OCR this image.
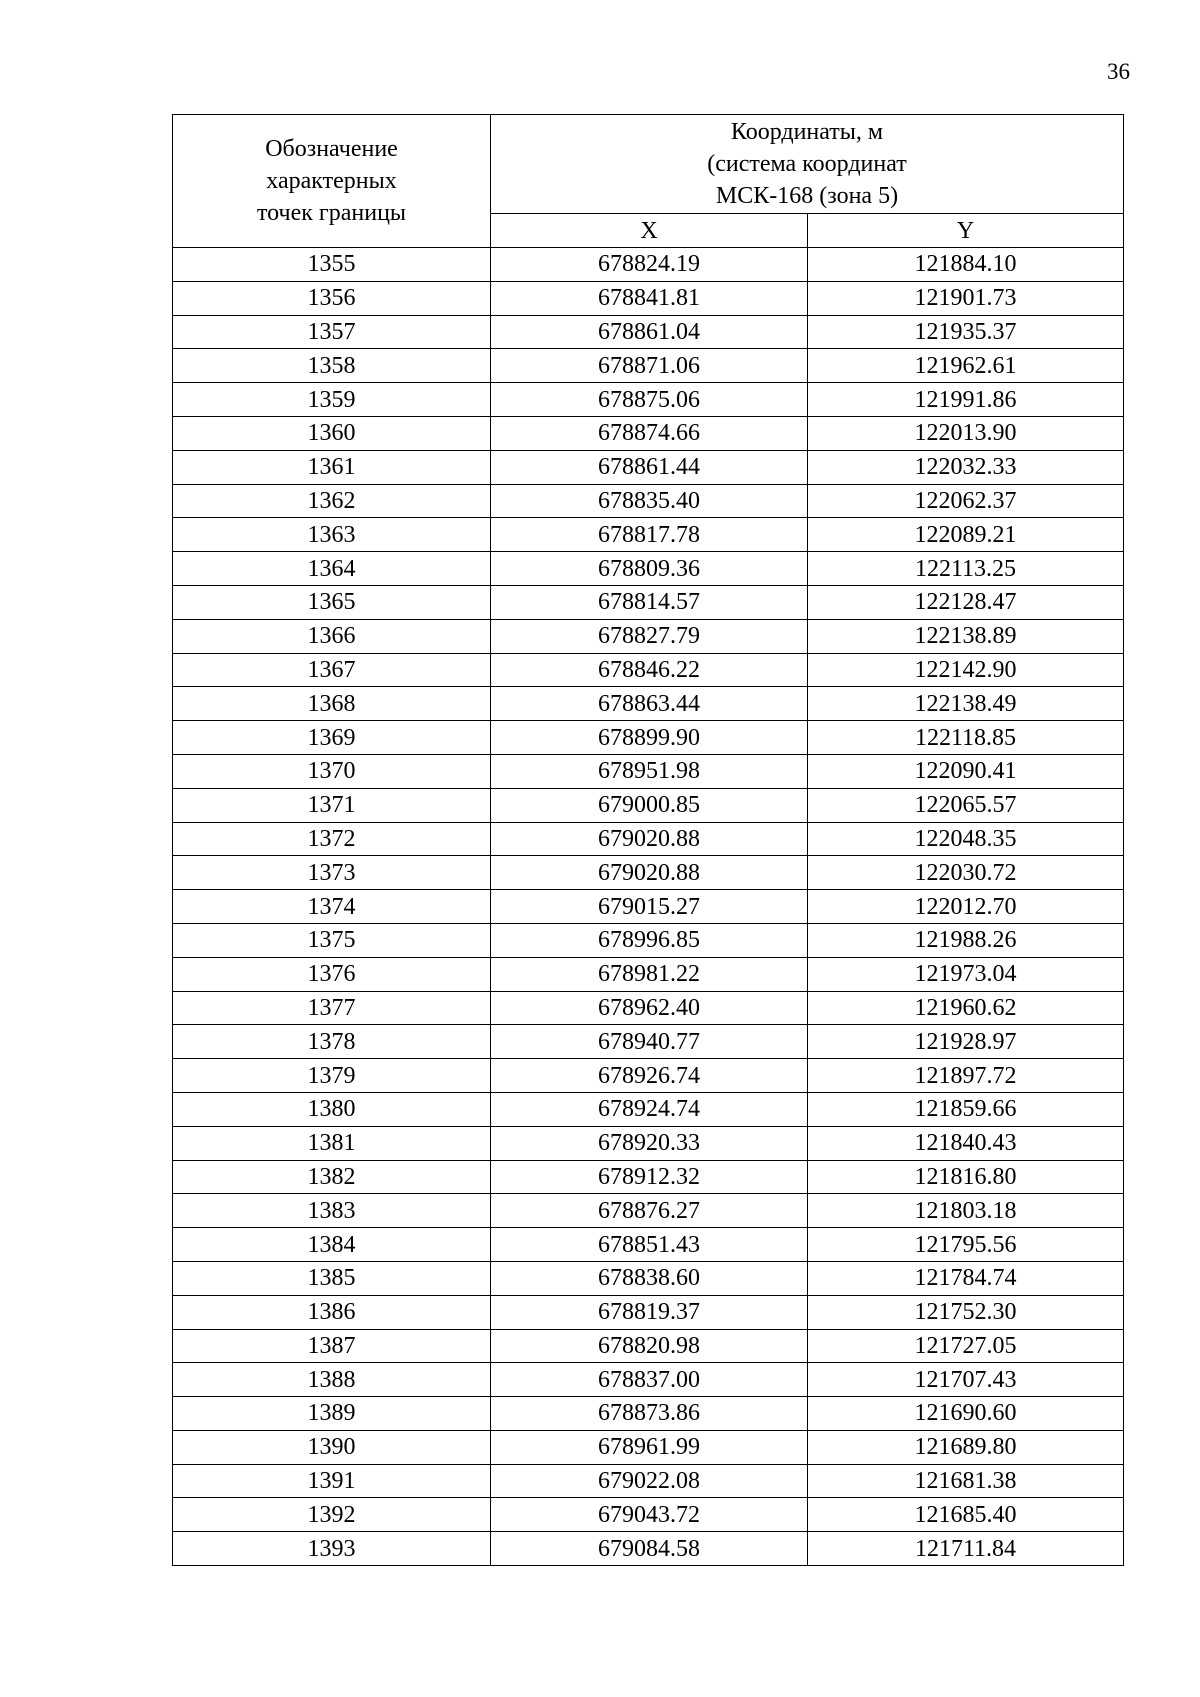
36
Обозначение
характерных
точек границы	Координаты, м
(система координат
МСК-168 (зона 5)	

	X	Y
1355	678824.19	121884.10
1356	678841.81	121901.73
1357	678861.04	121935.37
1358	678871.06	121962.61
1359	678875.06	121991.86
1360	678874.66	122013.90
1361	678861.44	122032.33
1362	678835.40	122062.37
1363	678817.78	122089.21
1364	678809.36	122113.25
1365	678814.57	122128.47
1366	678827.79	122138.89
1367	678846.22	122142.90
1368	678863.44	122138.49
1369	678899.90	122118.85
1370	678951.98	122090.41
1371	679000.85	122065.57
1372	679020.88	122048.35
1373	679020.88	122030.72
1374	679015.27	122012.70
1375	678996.85	121988.26
1376	678981.22	121973.04
1377	678962.40	121960.62
1378	678940.77	121928.97
1379	678926.74	121897.72
1380	678924.74	121859.66
1381	678920.33	121840.43
1382	678912.32	121816.80
1383	678876.27	121803.18
1384	678851.43	121795.56
1385	678838.60	121784.74
1386	678819.37	121752.30
1387	678820.98	121727.05
1388	678837.00	121707.43
1389	678873.86	121690.60
1390	678961.99	121689.80
1391	679022.08	121681.38
1392	679043.72	121685.40
1393	679084.58	121711.84
